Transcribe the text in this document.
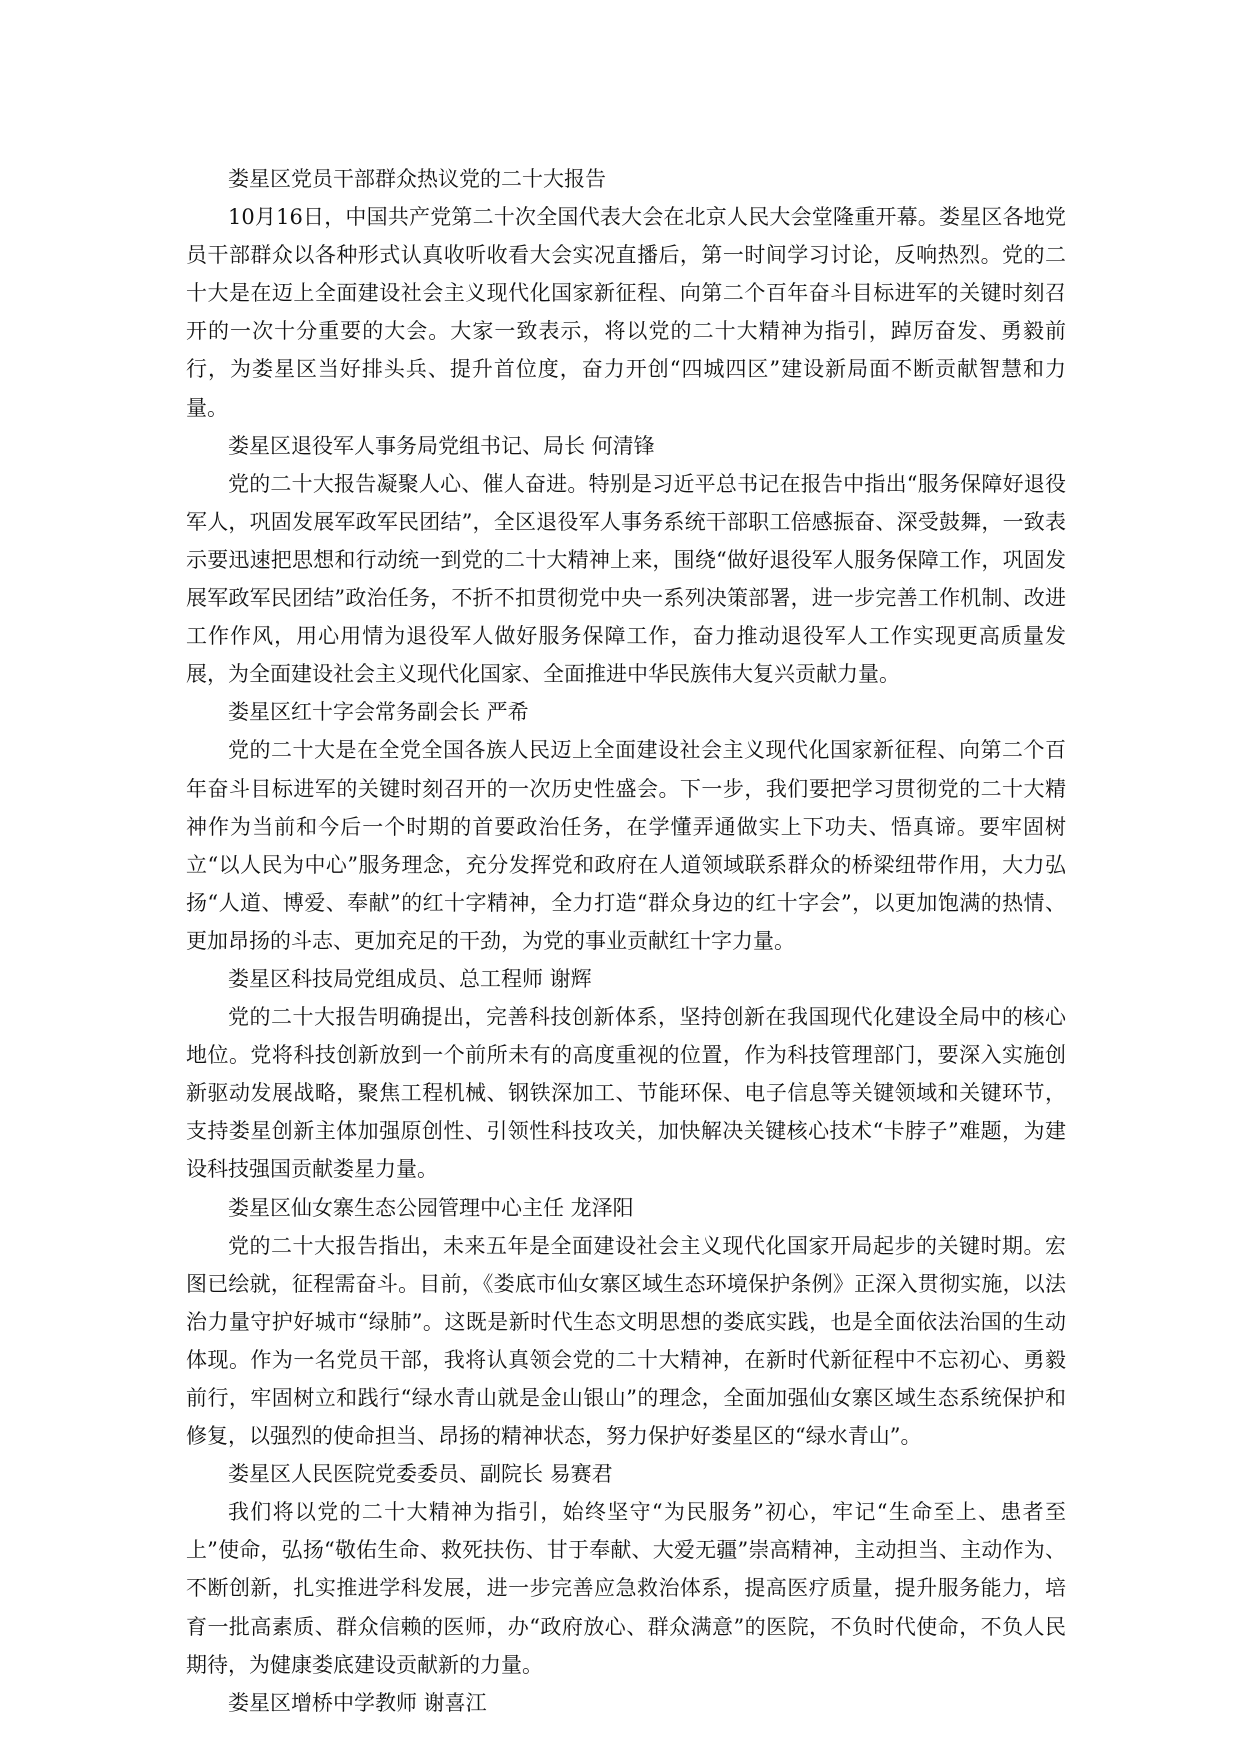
娄星区党员干部群众热议党的二十大报告

10月16日，中国共产党第二十次全国代表大会在北京人民大会堂隆重开幕。娄星区各地党员干部群众以各种形式认真收听收看大会实况直播后，第一时间学习讨论，反响热烈。党的二十大是在迈上全面建设社会主义现代化国家新征程、向第二个百年奋斗目标进军的关键时刻召开的一次十分重要的大会。大家一致表示，将以党的二十大精神为指引，踔厉奋发、勇毅前行，为娄星区当好排头兵、提升首位度，奋力开创“四城四区”建设新局面不断贡献智慧和力量。

娄星区退役军人事务局党组书记、局长 何清锋

党的二十大报告凝聚人心、催人奋进。特别是习近平总书记在报告中指出“服务保障好退役军人，巩固发展军政军民团结”，全区退役军人事务系统干部职工倍感振奋、深受鼓舞，一致表示要迅速把思想和行动统一到党的二十大精神上来，围绕“做好退役军人服务保障工作，巩固发展军政军民团结”政治任务，不折不扣贯彻党中央一系列决策部署，进一步完善工作机制、改进工作作风，用心用情为退役军人做好服务保障工作，奋力推动退役军人工作实现更高质量发展，为全面建设社会主义现代化国家、全面推进中华民族伟大复兴贡献力量。

娄星区红十字会常务副会长 严希

党的二十大是在全党全国各族人民迈上全面建设社会主义现代化国家新征程、向第二个百年奋斗目标进军的关键时刻召开的一次历史性盛会。下一步，我们要把学习贯彻党的二十大精神作为当前和今后一个时期的首要政治任务，在学懂弄通做实上下功夫、悟真谛。要牢固树立“以人民为中心”服务理念，充分发挥党和政府在人道领域联系群众的桥梁纽带作用，大力弘扬“人道、博爱、奉献”的红十字精神，全力打造“群众身边的红十字会”，以更加饱满的热情、更加昂扬的斗志、更加充足的干劲，为党的事业贡献红十字力量。

娄星区科技局党组成员、总工程师 谢辉

党的二十大报告明确提出，完善科技创新体系，坚持创新在我国现代化建设全局中的核心地位。党将科技创新放到一个前所未有的高度重视的位置，作为科技管理部门，要深入实施创新驱动发展战略，聚焦工程机械、钢铁深加工、节能环保、电子信息等关键领域和关键环节，支持娄星创新主体加强原创性、引领性科技攻关，加快解决关键核心技术“卡脖子”难题，为建设科技强国贡献娄星力量。

娄星区仙女寨生态公园管理中心主任 龙泽阳

党的二十大报告指出，未来五年是全面建设社会主义现代化国家开局起步的关键时期。宏图已绘就，征程需奋斗。目前，《娄底市仙女寨区域生态环境保护条例》正深入贯彻实施，以法治力量守护好城市“绿肺”。这既是新时代生态文明思想的娄底实践，也是全面依法治国的生动体现。作为一名党员干部，我将认真领会党的二十大精神，在新时代新征程中不忘初心、勇毅前行，牢固树立和践行“绿水青山就是金山银山”的理念，全面加强仙女寨区域生态系统保护和修复，以强烈的使命担当、昂扬的精神状态，努力保护好娄星区的“绿水青山”。

娄星区人民医院党委委员、副院长 易赛君

我们将以党的二十大精神为指引，始终坚守“为民服务”初心，牢记“生命至上、患者至上”使命，弘扬“敬佑生命、救死扶伤、甘于奉献、大爱无疆”崇高精神，主动担当、主动作为、不断创新，扎实推进学科发展，进一步完善应急救治体系，提高医疗质量，提升服务能力，培育一批高素质、群众信赖的医师，办“政府放心、群众满意”的医院，不负时代使命，不负人民期待，为健康娄底建设贡献新的力量。

娄星区增桥中学教师 谢喜江
